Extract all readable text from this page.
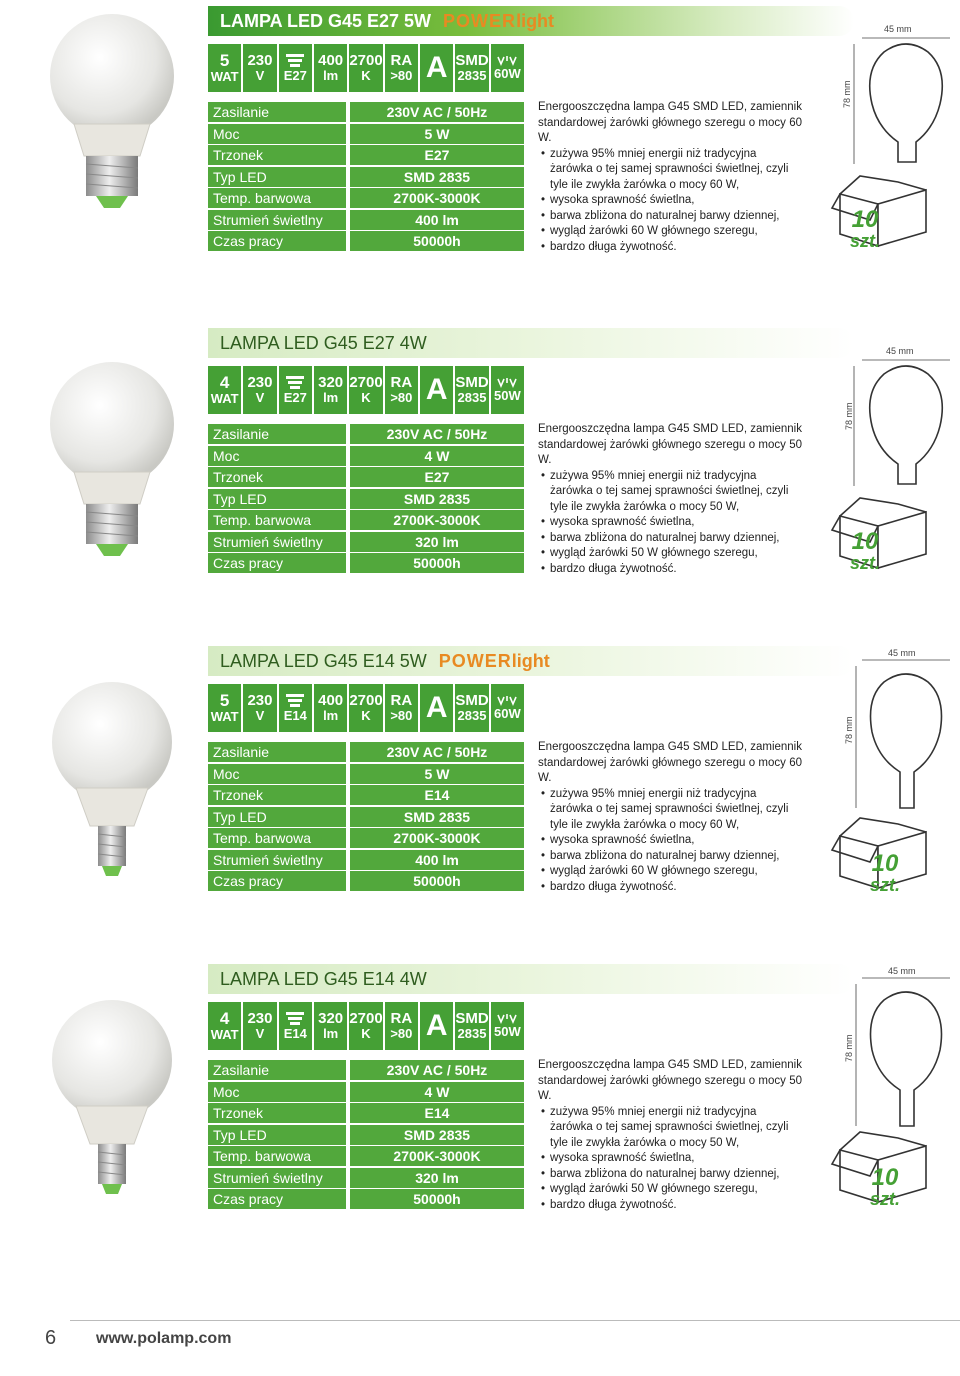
LAMPA LED G45 E27 5W POWERlight
5
WAT
230
V E27
400
lm
2700
K
RA
>80 A SMD
2835 60W
Zasilanie	230V AC / 50Hz
Moc	5 W
Trzonek	E27
Typ LED	SMD 2835
Temp. barwowa	2700K-3000K
Strumień świetlny	400 lm
Czas pracy	50000h

Energooszczędna lampa G45 SMD LED, zamiennik standardowej żarówki głównego szeregu o mocy 60 W.

• zużywa 95% mniej energii niż tradycyjna żarówka o tej samej sprawności świetlnej, czyli tyle ile zwykła żarówka o mocy 60 W,
• wysoka sprawność świetlna,
• barwa zbliżona do naturalnej barwy dziennej,
• wygląd żarówki 60 W głównego szeregu,
• bardzo długa żywotność.
45 mm
78 mm
10
szt.
LAMPA LED G45 E27 4W
4
WAT
230
V E27
320
lm
2700
K
RA
>80 A SMD
2835 50W
Zasilanie	230V AC / 50Hz
Moc	4 W
Trzonek	E27
Typ LED	SMD 2835
Temp. barwowa	2700K-3000K
Strumień świetlny	320 lm
Czas pracy	50000h

Energooszczędna lampa G45 SMD LED, zamiennik standardowej żarówki głównego szeregu o mocy 50 W.

• zużywa 95% mniej energii niż tradycyjna żarówka o tej samej sprawności świetlnej, czyli tyle ile zwykła żarówka o mocy 50 W,
• wysoka sprawność świetlna,
• barwa zbliżona do naturalnej barwy dziennej,
• wygląd żarówki 50 W głównego szeregu,
• bardzo długa żywotność.
45 mm
78 mm
10
szt.
LAMPA LED G45 E14 5W POWERlight
5
WAT
230
V E14
400
lm
2700
K
RA
>80 A SMD
2835 60W
Zasilanie	230V AC / 50Hz
Moc	5 W
Trzonek	E14
Typ LED	SMD 2835
Temp. barwowa	2700K-3000K
Strumień świetlny	400 lm
Czas pracy	50000h

Energooszczędna lampa G45 SMD LED, zamiennik standardowej żarówki głównego szeregu o mocy 60 W.

• zużywa 95% mniej energii niż tradycyjna żarówka o tej samej sprawności świetlnej, czyli tyle ile zwykła żarówka o mocy 60 W,
• wysoka sprawność świetlna,
• barwa zbliżona do naturalnej barwy dziennej,
• wygląd żarówki 60 W głównego szeregu,
• bardzo długa żywotność.
45 mm
78 mm
10
szt.
LAMPA LED G45 E14 4W
4
WAT
230
V E14
320
lm
2700
K
RA
>80 A SMD
2835 50W
Zasilanie	230V AC / 50Hz
Moc	4 W
Trzonek	E14
Typ LED	SMD 2835
Temp. barwowa	2700K-3000K
Strumień świetlny	320 lm
Czas pracy	50000h

Energooszczędna lampa G45 SMD LED, zamiennik standardowej żarówki głównego szeregu o mocy 50 W.

• zużywa 95% mniej energii niż tradycyjna żarówka o tej samej sprawności świetlnej, czyli tyle ile zwykła żarówka o mocy 50 W,
• wysoka sprawność świetlna,
• barwa zbliżona do naturalnej barwy dziennej,
• wygląd żarówki 50 W głównego szeregu,
• bardzo długa żywotność.
45 mm
78 mm
10
szt.
6 www.polamp.com
